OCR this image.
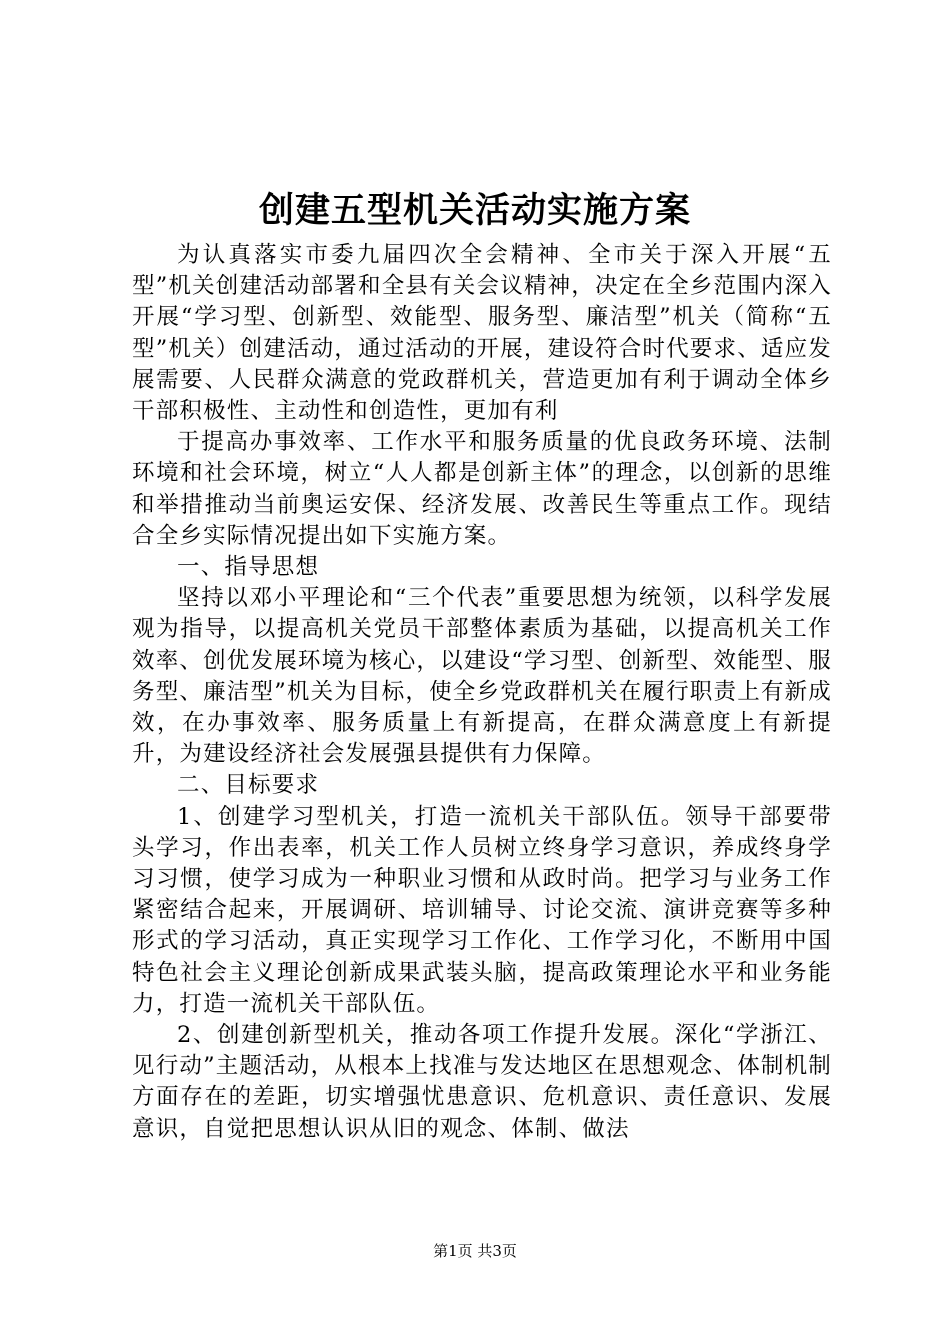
创建五型机关活动实施方案

为认真落实市委九届四次全会精神、全市关于深入开展“五型”机关创建活动部署和全县有关会议精神，决定在全乡范围内深入开展“学习型、创新型、效能型、服务型、廉洁型”机关（简称“五型”机关）创建活动，通过活动的开展，建设符合时代要求、适应发展需要、人民群众满意的党政群机关，营造更加有利于调动全体乡干部积极性、主动性和创造性，更加有利

于提高办事效率、工作水平和服务质量的优良政务环境、法制环境和社会环境，树立“人人都是创新主体”的理念，以创新的思维和举措推动当前奥运安保、经济发展、改善民生等重点工作。现结合全乡实际情况提出如下实施方案。

一、指导思想

坚持以邓小平理论和“三个代表”重要思想为统领，以科学发展观为指导，以提高机关党员干部整体素质为基础，以提高机关工作效率、创优发展环境为核心，以建设“学习型、创新型、效能型、服务型、廉洁型”机关为目标，使全乡党政群机关在履行职责上有新成效，在办事效率、服务质量上有新提高，在群众满意度上有新提升，为建设经济社会发展强县提供有力保障。

二、目标要求

1、创建学习型机关，打造一流机关干部队伍。领导干部要带头学习，作出表率，机关工作人员树立终身学习意识，养成终身学习习惯，使学习成为一种职业习惯和从政时尚。把学习与业务工作紧密结合起来，开展调研、培训辅导、讨论交流、演讲竞赛等多种形式的学习活动，真正实现学习工作化、工作学习化，不断用中国特色社会主义理论创新成果武装头脑，提高政策理论水平和业务能力，打造一流机关干部队伍。

2、创建创新型机关，推动各项工作提升发展。深化“学浙江、见行动”主题活动，从根本上找准与发达地区在思想观念、体制机制方面存在的差距，切实增强忧患意识、危机意识、责任意识、发展意识，自觉把思想认识从旧的观念、体制、做法

第1页 共3页
